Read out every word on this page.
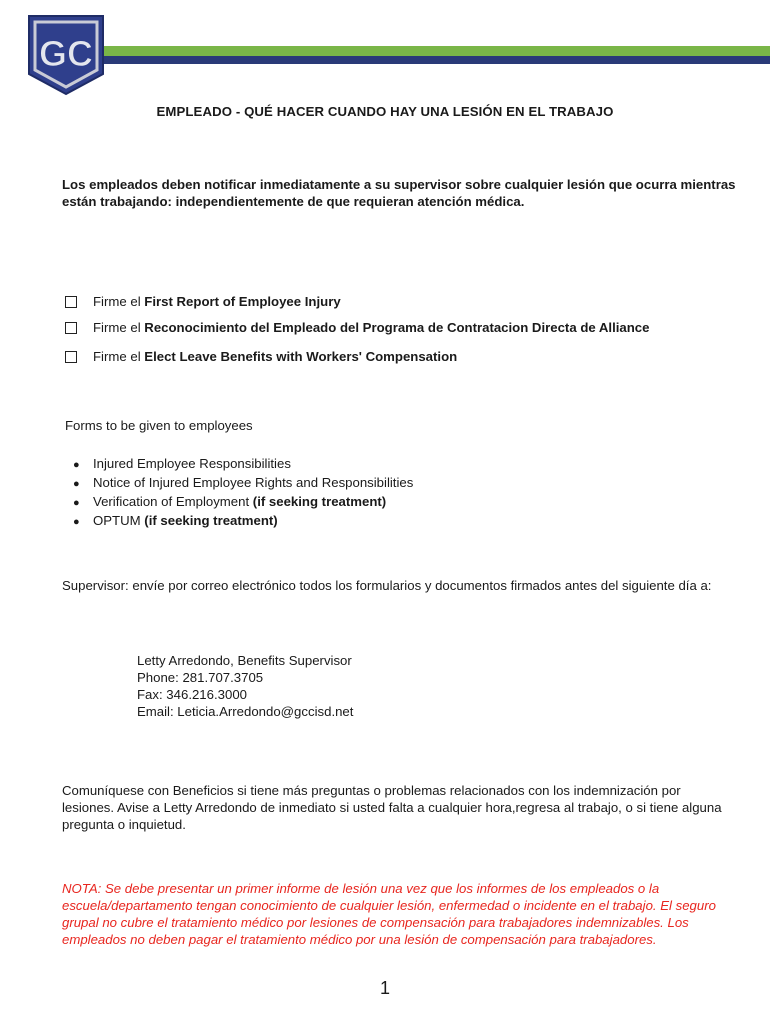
GC
EMPLEADO - QUÉ HACER CUANDO HAY UNA LESIÓN EN EL TRABAJO
Los empleados deben notificar inmediatamente a su supervisor sobre cualquier lesión que ocurra mientras están trabajando: independientemente de que requieran atención médica.
Firme el First Report of Employee Injury
Firme el Reconocimiento del Empleado del Programa de Contratacion Directa de Alliance
Firme el Elect Leave Benefits with Workers' Compensation
Forms to be given to employees
●	Injured Employee Responsibilities
●	Notice of Injured Employee Rights and Responsibilities
●	Verification of Employment (if seeking treatment)
●	OPTUM (if seeking treatment)
Supervisor: envíe por correo electrónico todos los formularios y documentos firmados antes del siguiente día a:
Letty Arredondo, Benefits Supervisor
Phone: 281.707.3705
Fax: 346.216.3000
Email: Leticia.Arredondo@gccisd.net
Comuníquese con Beneficios si tiene más preguntas o problemas relacionados con los indemnización por lesiones. Avise a Letty Arredondo de inmediato si usted falta a cualquier hora,regresa al trabajo, o si tiene alguna pregunta o inquietud.
NOTA: Se debe presentar un primer informe de lesión una vez que los informes de los empleados o la escuela/departamento tengan conocimiento de cualquier lesión, enfermedad o incidente en el trabajo. El seguro grupal no cubre el tratamiento médico por lesiones de compensación para trabajadores indemnizables. Los empleados no deben pagar el tratamiento médico por una lesión de compensación para trabajadores.
1
